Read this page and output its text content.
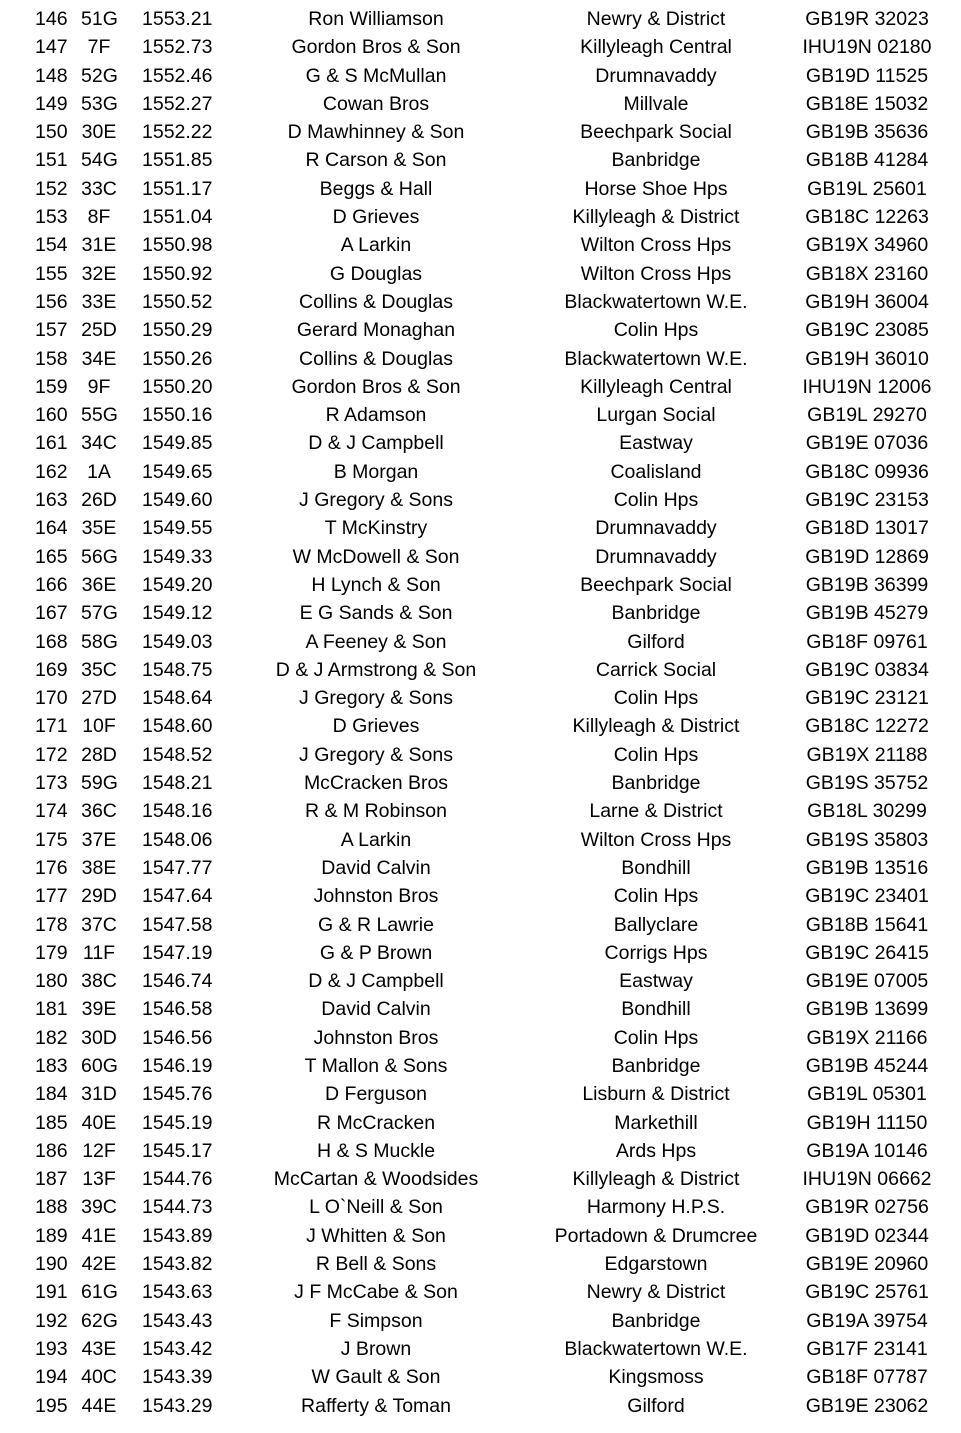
146 51G 1553.21	Ron Williamson	Newry & District	GB19R 32023
147	7F	1552.73	Gordon Bros & Son	Killyleagh Central	IHU19N 02180
148 52G 1552.46	G & S McMullan	Drumnavaddy	GB19D 11525
149 53G 1552.27	Cowan Bros	Millvale	GB18E 15032
150 30E 1552.22	D Mawhinney & Son	Beechpark Social	GB19B 35636
151 54G 1551.85	R Carson & Son	Banbridge	GB18B 41284
152 33C 1551.17	Beggs & Hall	Horse Shoe Hps	GB19L 25601
153	8F	1551.04	D Grieves	Killyleagh & District	GB18C 12263
154 31E 1550.98	A Larkin	Wilton Cross Hps	GB19X 34960
155 32E 1550.92	G Douglas	Wilton Cross Hps	GB18X 23160
156 33E 1550.52	Collins & Douglas	Blackwatertown W.E.	GB19H 36004
157 25D 1550.29	Gerard Monaghan	Colin Hps	GB19C 23085
158 34E 1550.26	Collins & Douglas	Blackwatertown W.E.	GB19H 36010
159	9F	1550.20	Gordon Bros & Son	Killyleagh Central	IHU19N 12006
160 55G 1550.16	R Adamson	Lurgan Social	GB19L 29270
161 34C 1549.85	D & J Campbell	Eastway	GB19E 07036
162	1A	1549.65	B Morgan	Coalisland	GB18C 09936
163 26D 1549.60	J Gregory & Sons	Colin Hps	GB19C 23153
164 35E 1549.55	T McKinstry	Drumnavaddy	GB18D 13017
165 56G 1549.33	W McDowell & Son	Drumnavaddy	GB19D 12869
166 36E 1549.20	H Lynch & Son	Beechpark Social	GB19B 36399
167 57G 1549.12	E G Sands & Son	Banbridge	GB19B 45279
168 58G 1549.03	A Feeney & Son	Gilford	GB18F 09761
169 35C 1548.75	D & J Armstrong & Son	Carrick Social	GB19C 03834
170 27D 1548.64	J Gregory & Sons	Colin Hps	GB19C 23121
171 10F 1548.60	D Grieves	Killyleagh & District	GB18C 12272
172 28D 1548.52	J Gregory & Sons	Colin Hps	GB19X 21188
173 59G 1548.21	McCracken Bros	Banbridge	GB19S 35752
174 36C 1548.16	R & M Robinson	Larne & District	GB18L 30299
175 37E 1548.06	A Larkin	Wilton Cross Hps	GB19S 35803
176 38E 1547.77	David Calvin	Bondhill	GB19B 13516
177 29D 1547.64	Johnston Bros	Colin Hps	GB19C 23401
178 37C 1547.58	G & R Lawrie	Ballyclare	GB18B 15641
179 11F 1547.19	G & P Brown	Corrigs Hps	GB19C 26415
180 38C 1546.74	D & J Campbell	Eastway	GB19E 07005
181 39E 1546.58	David Calvin	Bondhill	GB19B 13699
182 30D 1546.56	Johnston Bros	Colin Hps	GB19X 21166
183 60G 1546.19	T Mallon & Sons	Banbridge	GB19B 45244
184 31D 1545.76	D Ferguson	Lisburn & District	GB19L 05301
185 40E 1545.19	R McCracken	Markethill	GB19H 11150
186 12F 1545.17	H & S Muckle	Ards Hps	GB19A 10146
187 13F 1544.76	McCartan & Woodsides	Killyleagh & District	IHU19N 06662
188 39C 1544.73	L O`Neill & Son	Harmony H.P.S.	GB19R 02756
189 41E 1543.89	J Whitten & Son	Portadown & Drumcree	GB19D 02344
190 42E 1543.82	R Bell & Sons	Edgarstown	GB19E 20960
191 61G 1543.63	J F McCabe & Son	Newry & District	GB19C 25761
192 62G 1543.43	F Simpson	Banbridge	GB19A 39754
193 43E 1543.42	J Brown	Blackwatertown W.E.	GB17F 23141
194 40C 1543.39	W Gault & Son	Kingsmoss	GB18F 07787
195 44E 1543.29	Rafferty & Toman	Gilford	GB19E 23062
